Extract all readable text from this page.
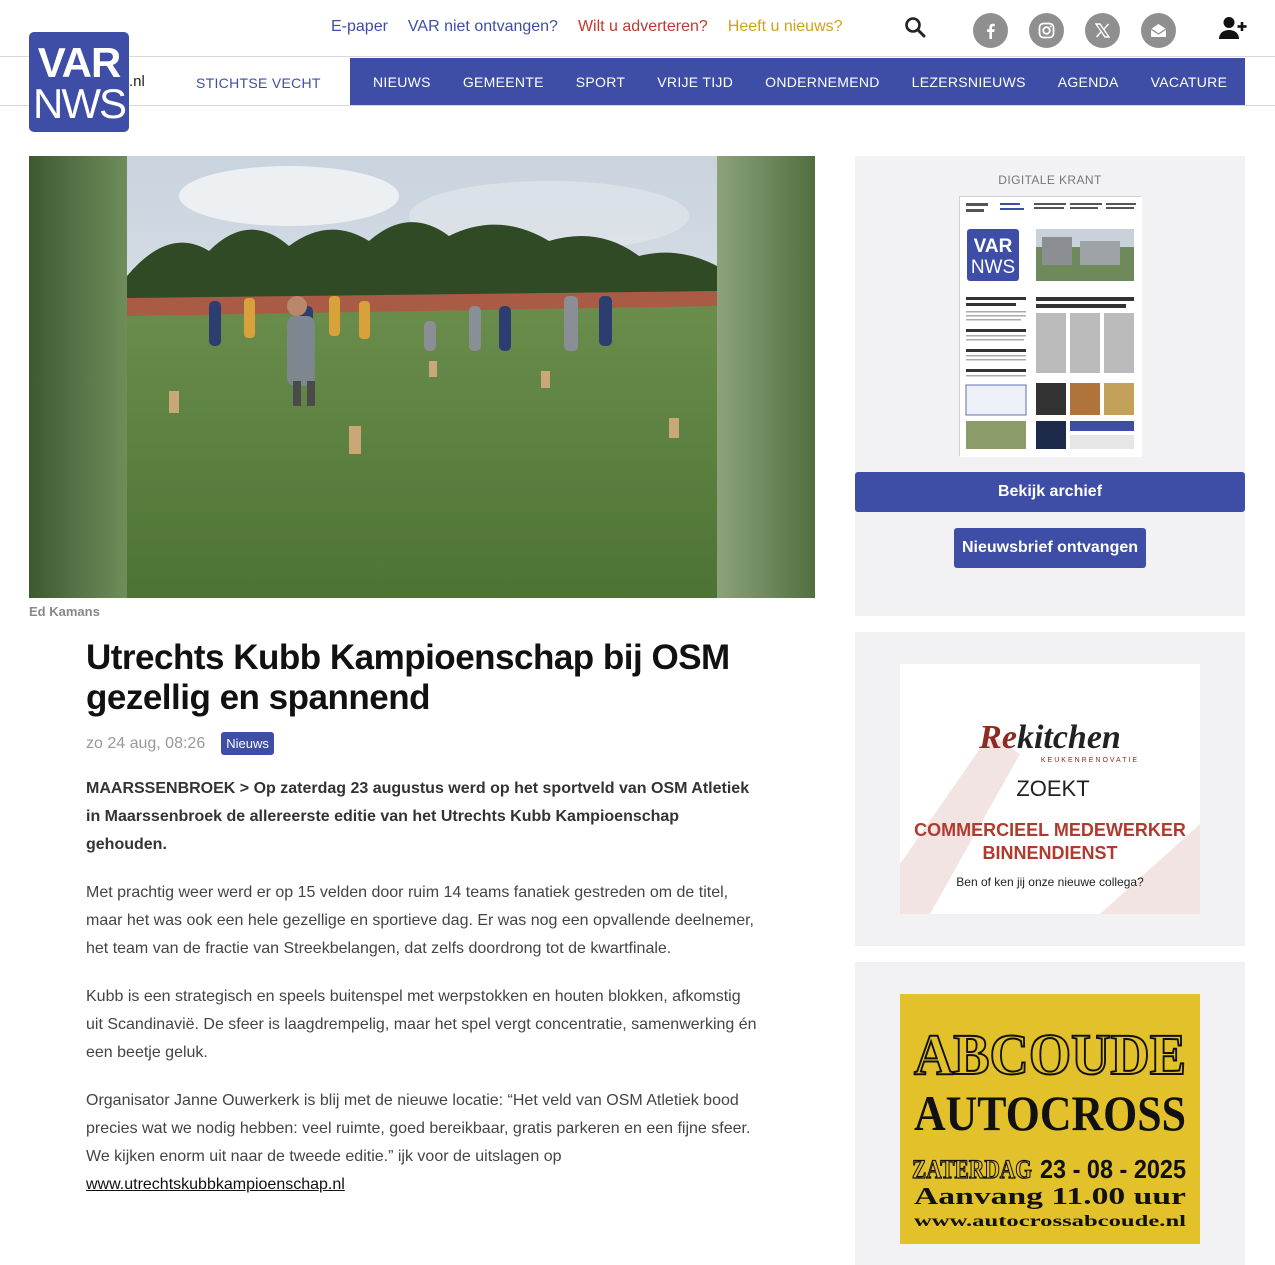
E-paper VAR niet ontvangen? Wilt u adverteren? Heeft u nieuws?
VAR
NWS .nl	STICHTSE VECHT	NIEUWS GEMEENTE SPORT VRIJE TIJD ONDERNEMEND LEZERSNIEUWS AGENDA VACATURE
Ed Kamans
Utrechts Kubb Kampioenschap bij OSM gezellig en spannend
zo 24 aug, 08:26	Nieuws

MAARSSENBROEK > Op zaterdag 23 augustus werd op het sportveld van OSM Atletiek in Maarssenbroek de allereerste editie van het Utrechts Kubb Kampioenschap gehouden.

Met prachtig weer werd er op 15 velden door ruim 14 teams fanatiek gestreden om de titel, maar het was ook een hele gezellige en sportieve dag. Er was nog een opvallende deelnemer, het team van de fractie van Streekbelangen, dat zelfs doordrong tot de kwartfinale.

Kubb is een strategisch en speels buitenspel met werpstokken en houten blokken, afkomstig uit Scandinavië. De sfeer is laagdrempelig, maar het spel vergt concentratie, samenwerking én een beetje geluk.

Organisator Janne Ouwerkerk is blij met de nieuwe locatie: “Het veld van OSM Atletiek bood precies wat we nodig hebben: veel ruimte, goed bereikbaar, gratis parkeren en een fijne sfeer. We kijken enorm uit naar de tweede editie.” ijk voor de uitslagen op www.utrechtskubbkampioenschap.nl

DIGITALE KRANT
VAR
NWS
Bekijk archief
Nieuwsbrief ontvangen
Rekitchen
KEUKENRENOVATIE
ZOEKT
COMMERCIEEL MEDEWERKER
BINNENDIENST
Ben of ken jij onze nieuwe collega?
ABCOUDE
AUTOCROSS
ZATERDAG 23 - 08 - 2025
Aanvang 11.00 uur
www.autocrossabcoude.nl
